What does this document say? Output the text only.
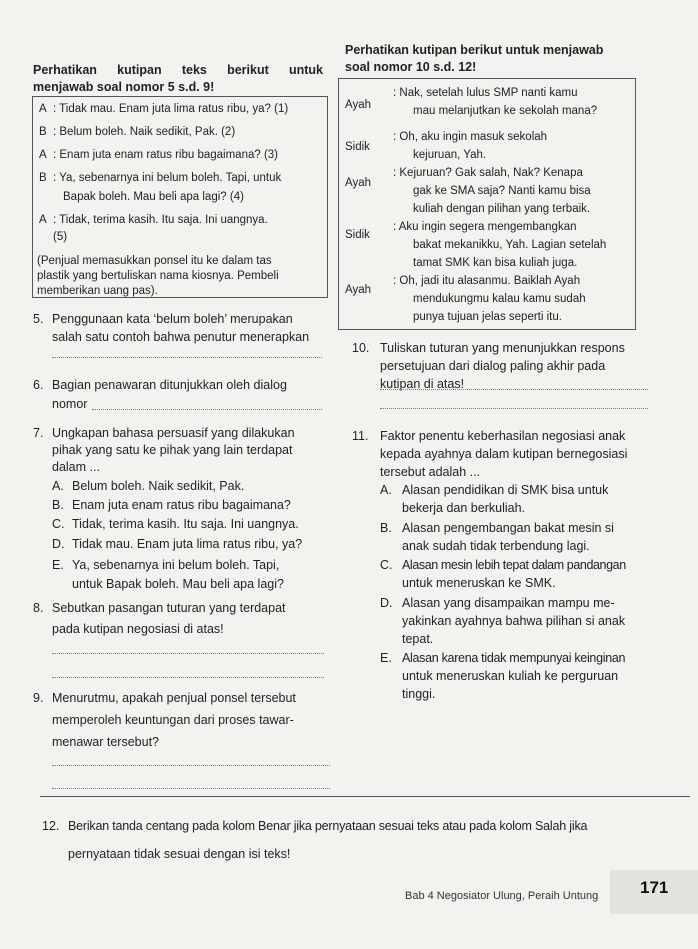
Perhatikan kutipan teks berikut untuk
menjawab soal nomor 5 s.d. 9!
A : Tidak mau. Enam juta lima ratus ribu, ya? (1)
B : Belum boleh. Naik sedikit, Pak. (2)
A : Enam juta enam ratus ribu bagaimana? (3)
B : Ya, sebenarnya ini belum boleh. Tapi, untuk
Bapak boleh. Mau beli apa lagi? (4)
A : Tidak, terima kasih. Itu saja. Ini uangnya.
(5)
(Penjual memasukkan ponsel itu ke dalam tas
plastik yang bertuliskan nama kiosnya. Pembeli
memberikan uang pas).
5. Penggunaan kata ‘belum boleh’ merupakan
salah satu contoh bahwa penutur menerapkan
6. Bagian penawaran ditunjukkan oleh dialog
nomor
7. Ungkapan bahasa persuasif yang dilakukan
pihak yang satu ke pihak yang lain terdapat
dalam ...
A. Belum boleh. Naik sedikit, Pak.
B. Enam juta enam ratus ribu bagaimana?
C. Tidak, terima kasih. Itu saja. Ini uangnya.
D. Tidak mau. Enam juta lima ratus ribu, ya?
E. Ya, sebenarnya ini belum boleh. Tapi,
untuk Bapak boleh. Mau beli apa lagi?
8. Sebutkan pasangan tuturan yang terdapat
pada kutipan negosiasi di atas!
9. Menurutmu, apakah penjual ponsel tersebut
memperoleh keuntungan dari proses tawar-
menawar tersebut?
Perhatikan kutipan berikut untuk menjawab
soal nomor 10 s.d. 12!
Ayah
: Nak, setelah lulus SMP nanti kamu
mau melanjutkan ke sekolah mana?
Sidik
: Oh, aku ingin masuk sekolah
kejuruan, Yah.
Ayah
: Kejuruan? Gak salah, Nak? Kenapa
gak ke SMA saja? Nanti kamu bisa
kuliah dengan pilihan yang terbaik.
Sidik
: Aku ingin segera mengembangkan
bakat mekanikku, Yah. Lagian setelah
tamat SMK kan bisa kuliah juga.
Ayah
: Oh, jadi itu alasanmu. Baiklah Ayah
mendukungmu kalau kamu sudah
punya tujuan jelas seperti itu.
10. Tuliskan tuturan yang menunjukkan respons
persetujuan dari dialog paling akhir pada
kutipan di atas!
11. Faktor penentu keberhasilan negosiasi anak
kepada ayahnya dalam kutipan bernegosiasi
tersebut adalah ...
A. Alasan pendidikan di SMK bisa untuk
bekerja dan berkuliah.
B. Alasan pengembangan bakat mesin si
anak sudah tidak terbendung lagi.
C. Alasan mesin lebih tepat dalam pandangan
untuk meneruskan ke SMK.
D. Alasan yang disampaikan mampu me-
yakinkan ayahnya bahwa pilihan si anak
tepat.
E. Alasan karena tidak mempunyai keinginan
untuk meneruskan kuliah ke perguruan
tinggi.
12. Berikan tanda centang pada kolom Benar jika pernyataan sesuai teks atau pada kolom Salah jika
pernyataan tidak sesuai dengan isi teks!
Bab 4 Negosiator Ulung, Peraih Untung 171
